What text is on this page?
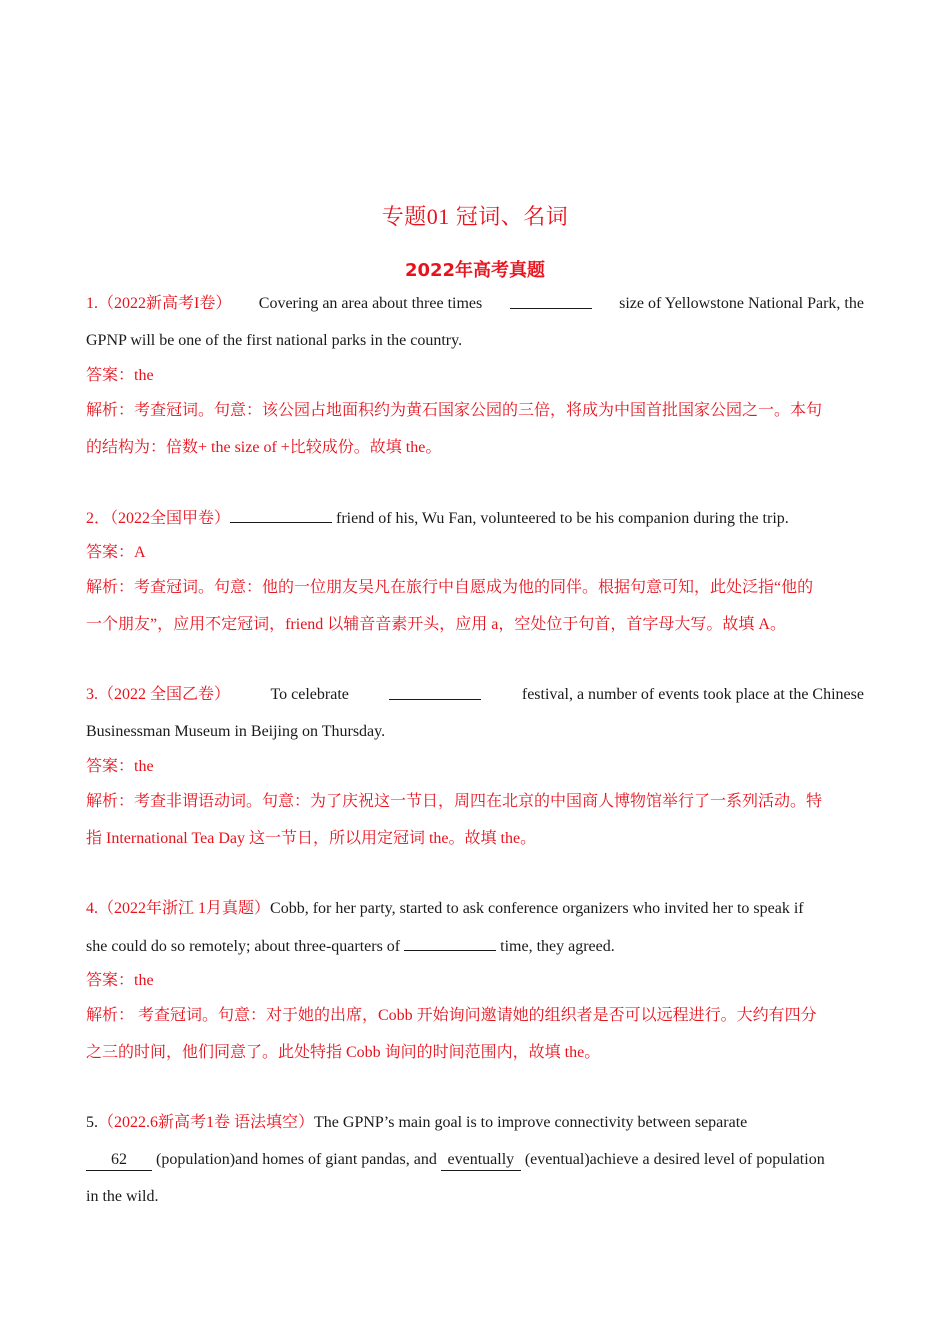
专题01 冠词、名词
2022年高考真题
1.（2022新高考I卷） Covering an area about three times	size of Yellowstone National Park, the
GPNP will be one of the first national parks in the country.
答案：the
解析：考查冠词。句意：该公园占地面积约为黄石国家公园的三倍，将成为中国首批国家公园之一。本句
的结构为：倍数+ the size of +比较成份。故填 the。
2．（2022全国甲卷）	friend of his, Wu Fan, volunteered to be his companion during the trip.
答案：A
解析：考查冠词。句意：他的一位朋友吴凡在旅行中自愿成为他的同伴。根据句意可知，此处泛指“他的
一个朋友”，应用不定冠词，friend 以辅音音素开头，应用 a，空处位于句首，首字母大写。故填 A。
3.（2022 全国乙卷）	To celebrate	festival, a number of events took place at the Chinese
Businessman Museum in Beijing on Thursday.
答案：the
解析：考查非谓语动词。句意：为了庆祝这一节日，周四在北京的中国商人博物馆举行了一系列活动。特
指 International Tea Day 这一节日，所以用定冠词 the。故填 the。
4.（2022年浙江 1月真题）Cobb, for her party, started to ask conference organizers who invited her to speak if
she could do so remotely; about three-quarters of	time, they agreed.
答案：the
解析： 考查冠词。句意：对于她的出席，Cobb 开始询问邀请她的组织者是否可以远程进行。大约有四分
之三的时间，他们同意了。此处特指 Cobb 询问的时间范围内，故填 the。
5.（2022.6新高考1卷 语法填空）The GPNP’s main goal is to improve connectivity between separate
62 (population)and homes of giant pandas, and eventually (eventual)achieve a desired level of population
in the wild.
